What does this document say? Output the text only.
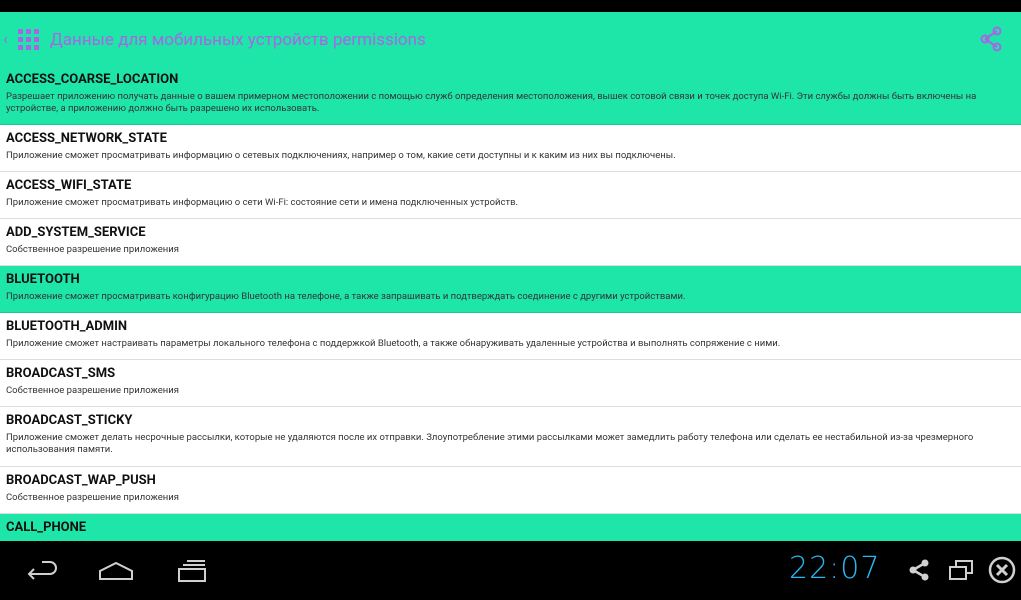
‹ Данные для мобильных устройств permissions
ACCESS_COARSE_LOCATION
Разрешает приложению получать данные о вашем примерном местоположении с помощью служб определения местоположения, вышек сотовой связи и точек доступа Wi-Fi. Эти службы должны быть включены на устройстве, а приложению должно быть разрешено их использовать.
ACCESS_NETWORK_STATE
Приложение сможет просматривать информацию о сетевых подключениях, например о том, какие сети доступны и к каким из них вы подключены.
ACCESS_WIFI_STATE
Приложение сможет просматривать информацию о сети Wi-Fi: состояние сети и имена подключенных устройств.
ADD_SYSTEM_SERVICE
Собственное разрешение приложения
BLUETOOTH
Приложение сможет просматривать конфигурацию Bluetooth на телефоне, а также запрашивать и подтверждать соединение с другими устройствами.
BLUETOOTH_ADMIN
Приложение сможет настраивать параметры локального телефона с поддержкой Bluetooth, а также обнаруживать удаленные устройства и выполнять сопряжение с ними.
BROADCAST_SMS
Собственное разрешение приложения
BROADCAST_STICKY
Приложение сможет делать несрочные рассылки, которые не удаляются после их отправки. Злоупотребление этими рассылками может замедлить работу телефона или сделать ее нестабильной из-за чрезмерного использования памяти.
BROADCAST_WAP_PUSH
Собственное разрешение приложения
CALL_PHONE
22:07
